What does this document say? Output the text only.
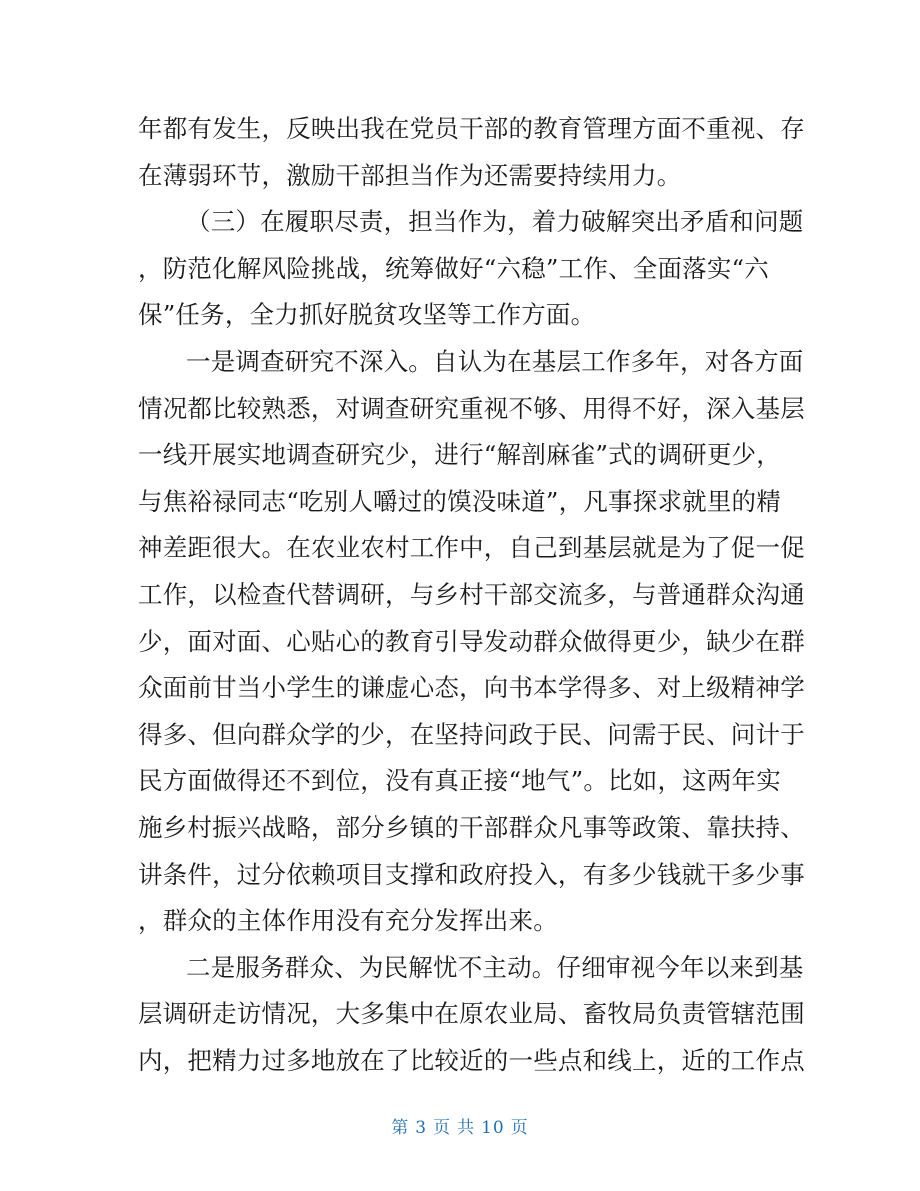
年都有发生，反映出我在党员干部的教育管理方面不重视、存
在薄弱环节，激励干部担当作为还需要持续用力。
（三）在履职尽责，担当作为，着力破解突出矛盾和问题
，防范化解风险挑战，统筹做好“六稳”工作、全面落实“六
保”任务，全力抓好脱贫攻坚等工作方面。
一是调查研究不深入。自认为在基层工作多年，对各方面
情况都比较熟悉，对调查研究重视不够、用得不好，深入基层
一线开展实地调查研究少，进行“解剖麻雀”式的调研更少，
与焦裕禄同志“吃别人嚼过的馍没味道”，凡事探求就里的精
神差距很大。在农业农村工作中，自己到基层就是为了促一促
工作，以检查代替调研，与乡村干部交流多，与普通群众沟通
少，面对面、心贴心的教育引导发动群众做得更少，缺少在群
众面前甘当小学生的谦虚心态，向书本学得多、对上级精神学
得多、但向群众学的少，在坚持问政于民、问需于民、问计于
民方面做得还不到位，没有真正接“地气”。比如，这两年实
施乡村振兴战略，部分乡镇的干部群众凡事等政策、靠扶持、
讲条件，过分依赖项目支撑和政府投入，有多少钱就干多少事
，群众的主体作用没有充分发挥出来。
二是服务群众、为民解忧不主动。仔细审视今年以来到基
层调研走访情况，大多集中在原农业局、畜牧局负责管辖范围
内，把精力过多地放在了比较近的一些点和线上，近的工作点
第 3 页 共 10 页
